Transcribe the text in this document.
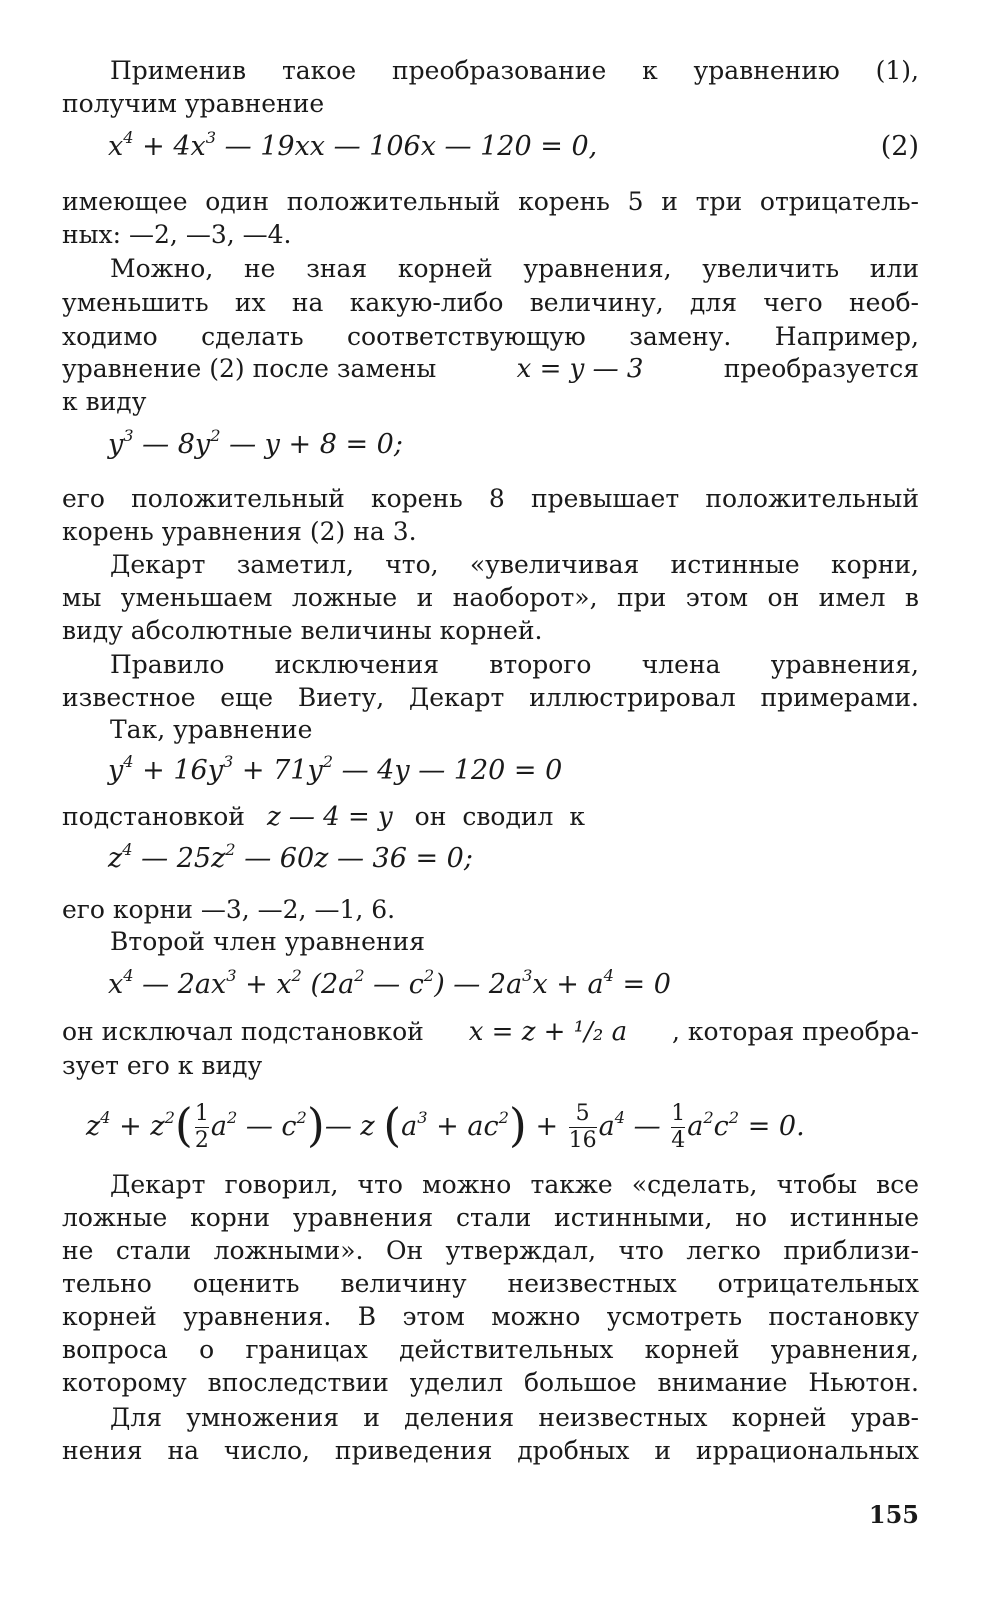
Применив такое преобразование к уравнению (1),
получим уравнение
$x^4 + 4x^3$ — 19xx — 106x — 120 = 0,	(2)
имеющее один положительный корень 5 и три отрицатель-
ных: —2, —3, —4.
Можно, не зная корней уравнения, увеличить или
уменьшить их на какую-либо величину, для чего необ-
ходимо сделать соответствующую замену. Например,
уравнение (2) после замены	x = y — 3	преобразуется
к виду
$y^3$ — $8y^2$ — y + 8 = 0;
его положительный корень 8 превышает положительный
корень уравнения (2) на 3.
Декарт заметил, что, «увеличивая истинные корни,
мы уменьшаем ложные и наоборот», при этом он имел в
виду абсолютные величины корней.
Правило исключения второго члена уравнения,
известное еще Виету, Декарт иллюстрировал примерами.
Так, уравнение
$y^4 + 16y^3 + 71y^2$ — 4y — 120 = 0
подстановкой z — 4 = y он сводил к
$z^4$ — $25z^2$ — 60z — 36 = 0;
его корни —3, —2, —1, 6.
Второй член уравнения
$x^4$ — $2ax^3 + x^2$ ($2a^2$ — $c^2$) — $2a^3x + a^4 = 0$
он исключал подстановкой x = z + ¹/₂ a , которая преобра-
зует его к виду
$z^4 + z^2( \frac{1}{2} a^2$ — $c^2)—$ z $(a^3 + ac^2) + \frac{5}{16} a^4$ — $\frac{1}{4} a^2c^2 = 0$.
Декарт говорил, что можно также «сделать, чтобы все
ложные корни уравнения стали истинными, но истинные
не стали ложными». Он утверждал, что легко приблизи-
тельно оценить величину неизвестных отрицательных
корней уравнения. В этом можно усмотреть постановку
вопроса о границах действительных корней уравнения,
которому впоследствии уделил большое внимание Ньютон.
Для умножения и деления неизвестных корней урав-
нения на число, приведения дробных и иррациональных
155
